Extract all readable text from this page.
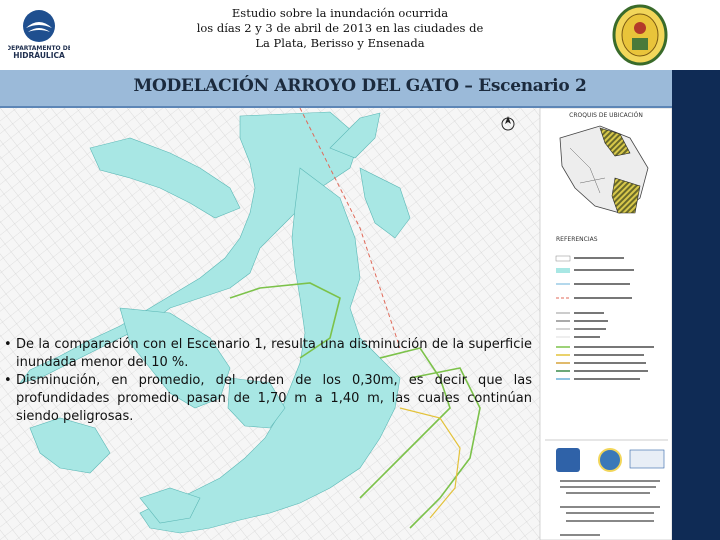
DEPARTAMENTO DE
HIDRÁULICA
Estudio sobre la inundación ocurrida
los días 2 y 3 de abril de 2013 en las ciudades de
La Plata, Berisso y Ensenada
MODELACIÓN ARROYO DEL GATO – Escenario 2
CROQUIS DE UBICACIÓN
REFERENCIAS

• De la comparación con el Escenario 1, resulta una disminución de la superficie inundada menor del 10 %.

• Disminución, en promedio, del orden de los 0,30m, es decir que las profundidades promedio pasan de 1,70 m a 1,40 m, las cuales continúan siendo peligrosas.
